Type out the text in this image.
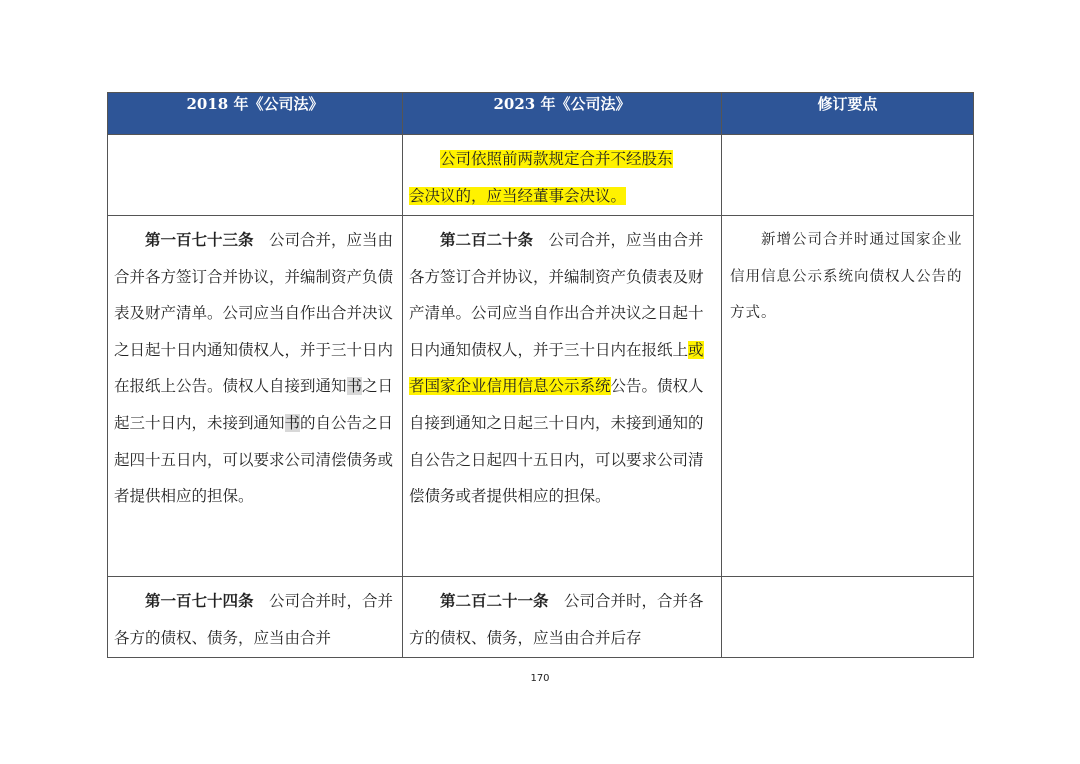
2018 年《公司法》	2023 年《公司法》	修订要点

	公司依照前两款规定合并不经股东
会决议的，应当经董事会决议。	

第一百七十三条　 公司合并，应当由合并各方签订合并协议，并编制资产负债表及财产清单。公司应当自作出合并决议之日起十日内通知债权人，并于三十日内在报纸上公告。债权人自接到通知书之日起三十日内，未接到通知书的自公告之日起四十五日内，可以要求公司清偿债务或者提供相应的担保。	第二百二十条　 公司合并，应当由合并各方签订合并协议，并编制资产负债表及财产清单。公司应当自作出合并决议之日起十日内通知债权人，并于三十日内在报纸上或者国家企业信用信息公示系统公告。债权人自接到通知之日起三十日内，未接到通知的自公告之日起四十五日内，可以要求公司清偿债务或者提供相应的担保。	新增公司合并时通过国家企业信用信息公示系统向债权人公告的方式。

第一百七十四条　 公司合并时，合并各方的债权、债务，应当由合并	第二百二十一条　 公司合并时，合并各方的债权、债务，应当由合并后存	

170
